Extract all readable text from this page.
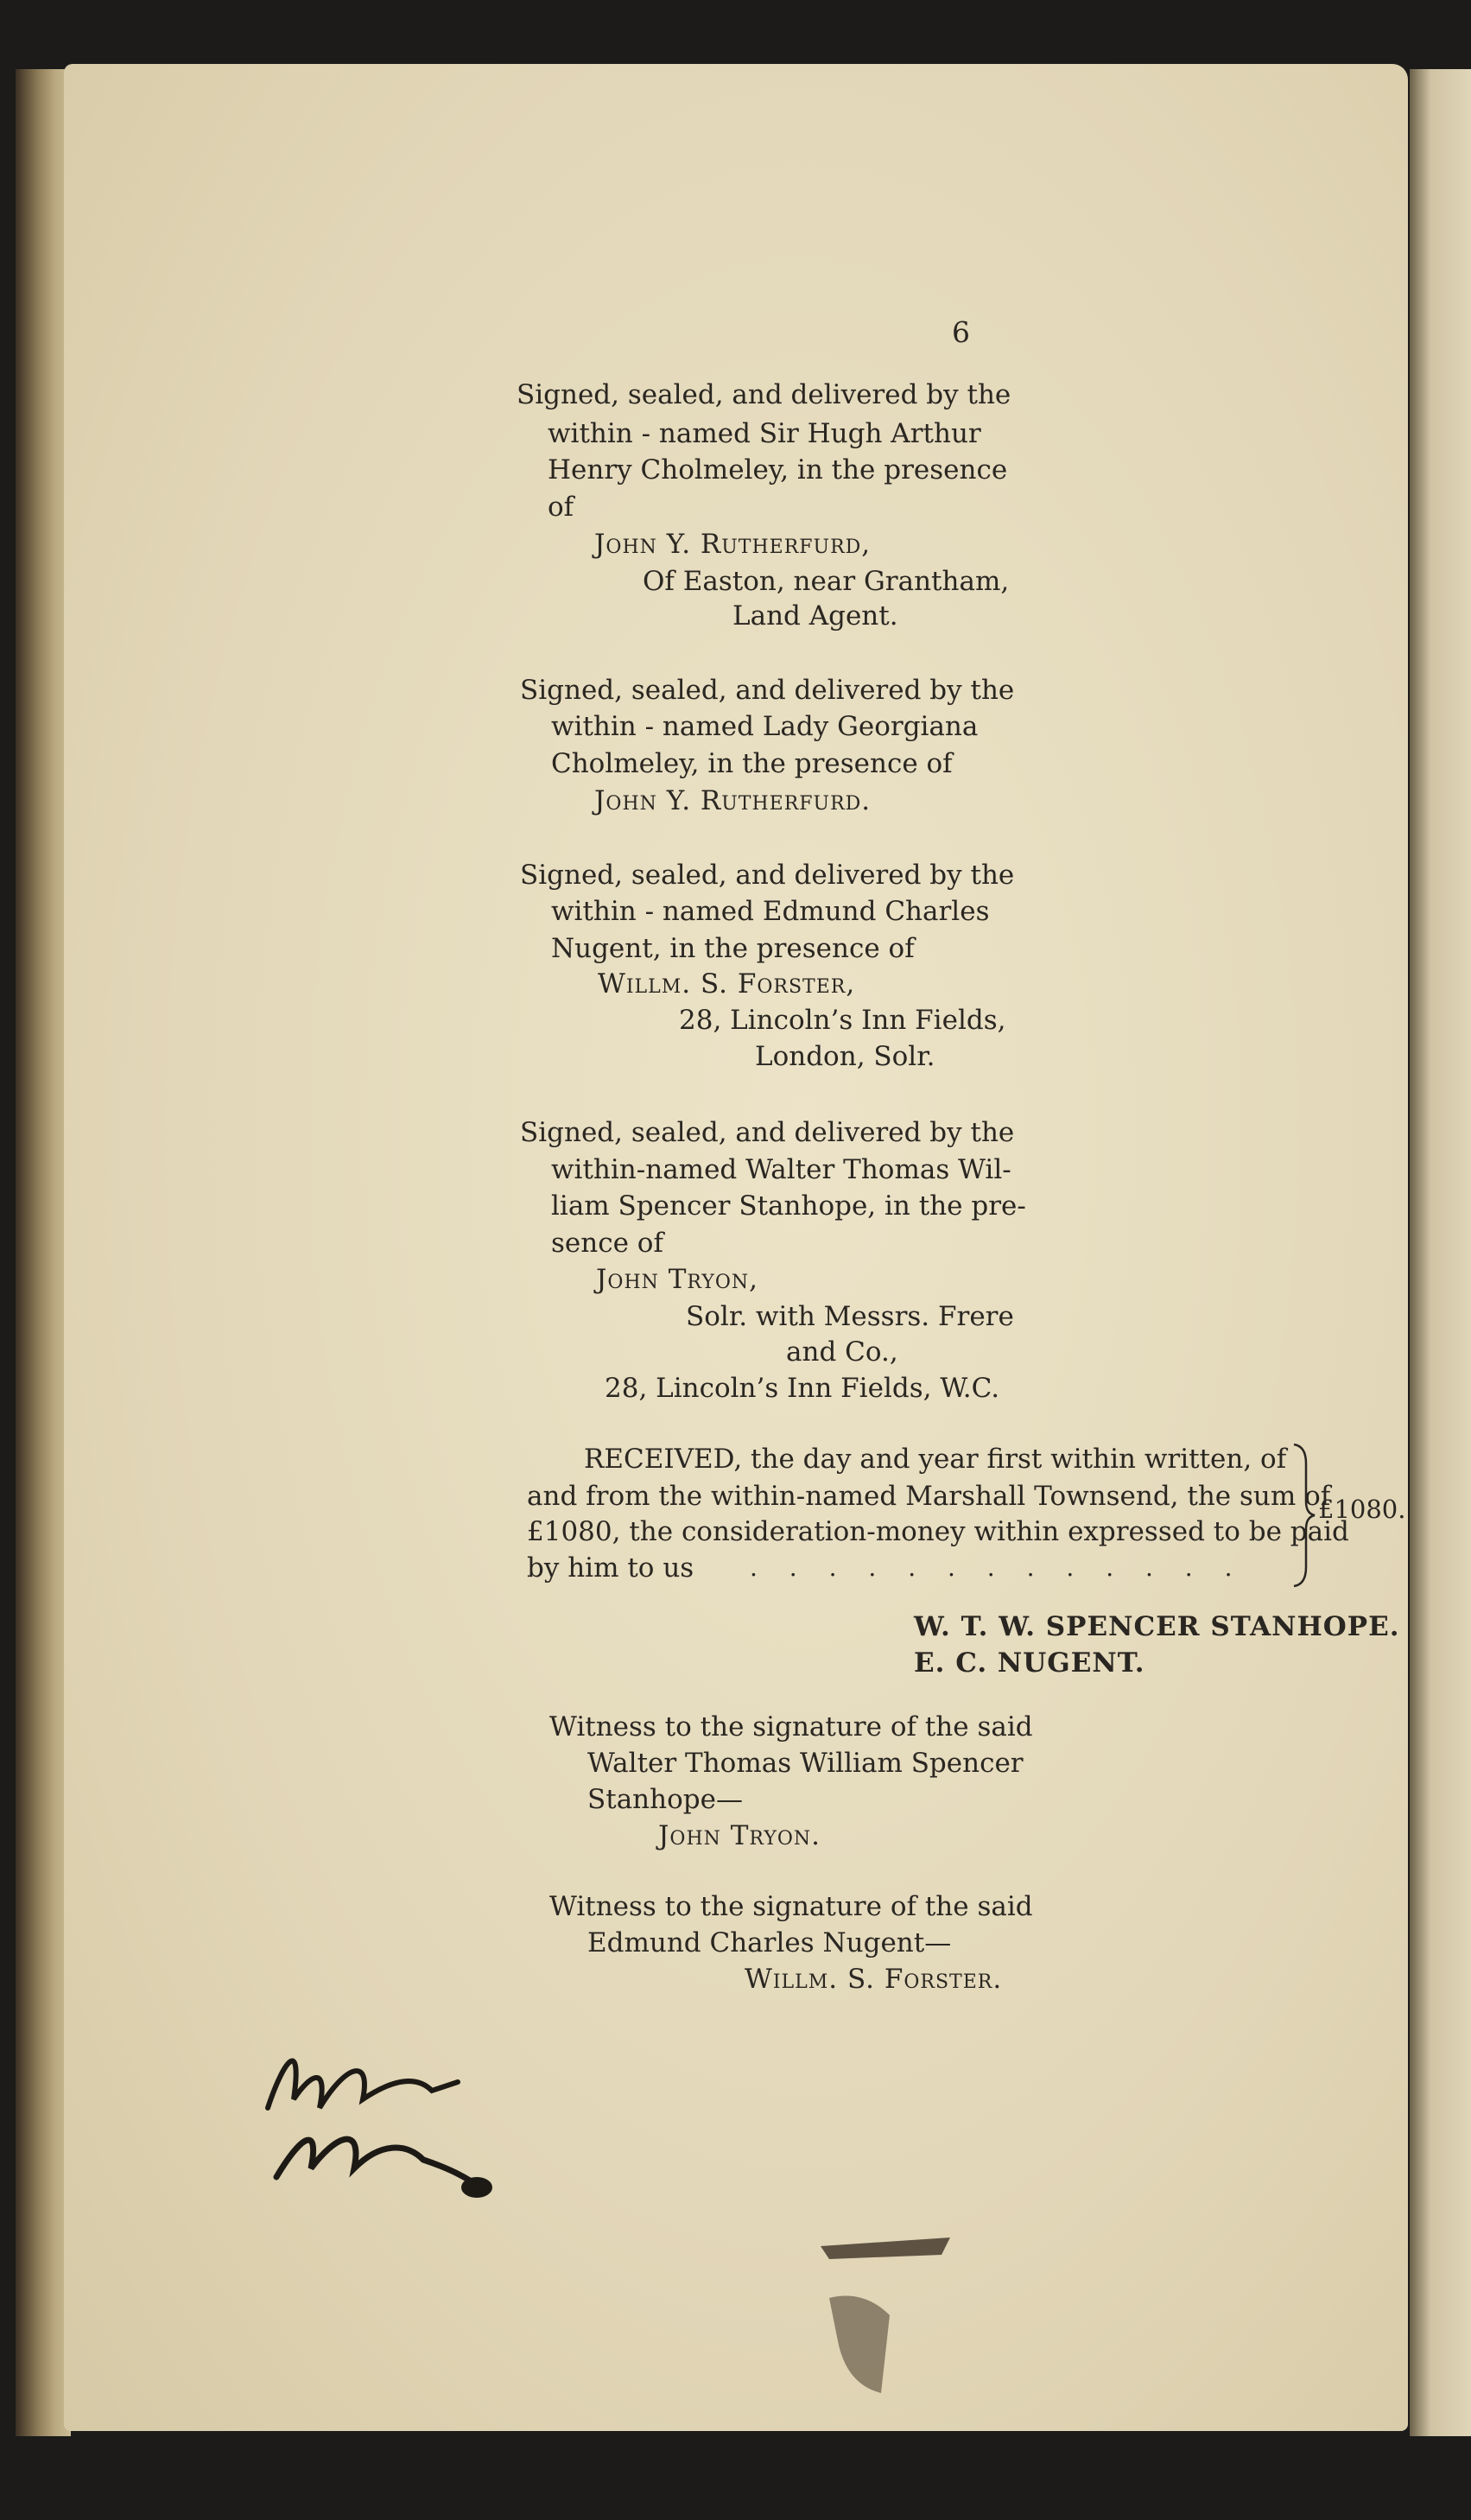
6
Signed, sealed, and delivered by the
within - named Sir Hugh Arthur
Henry Cholmeley, in the presence
of
John Y. Rutherfurd,
Of Easton, near Grantham,
Land Agent.
Signed, sealed, and delivered by the
within - named Lady Georgiana
Cholmeley, in the presence of
John Y. Rutherfurd.
Signed, sealed, and delivered by the
within - named Edmund Charles
Nugent, in the presence of
Willm. S. Forster,
28, Lincoln’s Inn Fields,
London, Solr.
Signed, sealed, and delivered by the
within-named Walter Thomas Wil-
liam Spencer Stanhope, in the pre-
sence of
John Tryon,
Solr. with Messrs. Frere
and Co.,
28, Lincoln’s Inn Fields, W.C.
RECEIVED, the day and year first within written, of
and from the within-named Marshall Townsend, the sum of
£1080, the consideration-money within expressed to be paid
by him to us . . . . . . . . . . . . .
£1080.
W. T. W. SPENCER STANHOPE.
E. C. NUGENT.
Witness to the signature of the said
Walter Thomas William Spencer
Stanhope—
John Tryon.
Witness to the signature of the said
Edmund Charles Nugent—
Willm. S. Forster.
